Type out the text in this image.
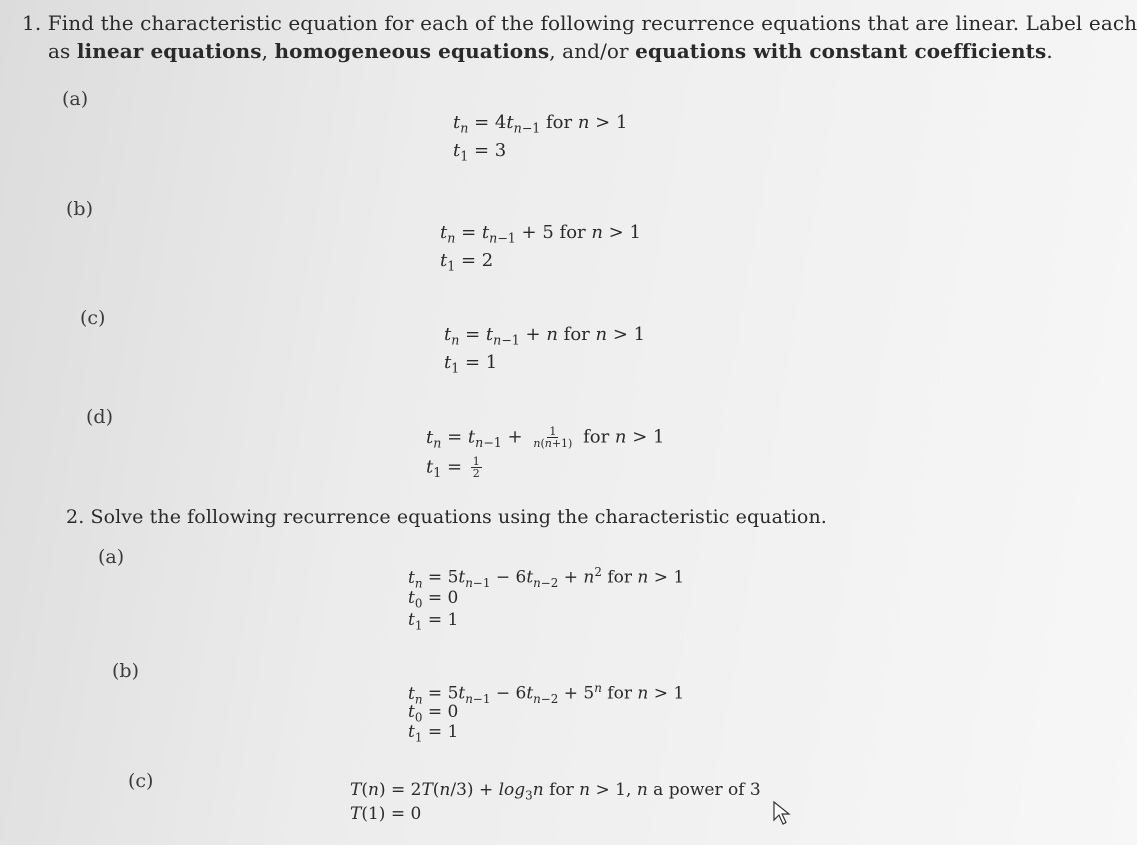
1. Find the characteristic equation for each of the following recurrence equations that are linear. Label each
as linear equations, homogeneous equations, and/or equations with constant coefficients.
(a)
$t_n = 4t_{n-1}$ for n > 1
$t_1 = 3$
(b)
$t_n = t_{n-1} + 5$ for n > 1
$t_1 = 2$
(c)
$t_n = t_{n-1} + n$ for n > 1
$t_1 = 1$
(d)
$t_n = t_{n-1} + \frac{1}{n(n+1)}$ for n > 1
$t_1 = \frac{1}{2}$
2. Solve the following recurrence equations using the characteristic equation.
(a)
$t_n = 5t_{n-1} - 6t_{n-2} + n^2$ for n > 1
$t_0 = 0$
$t_1 = 1$
(b)
$t_n = 5t_{n-1} - 6t_{n-2} + 5^n$ for n > 1
$t_0 = 0$
$t_1 = 1$
(c)	$T(n) = 2T(n/3) + \log_3n$ for n > 1, n a power of 3
T(1) = 0
